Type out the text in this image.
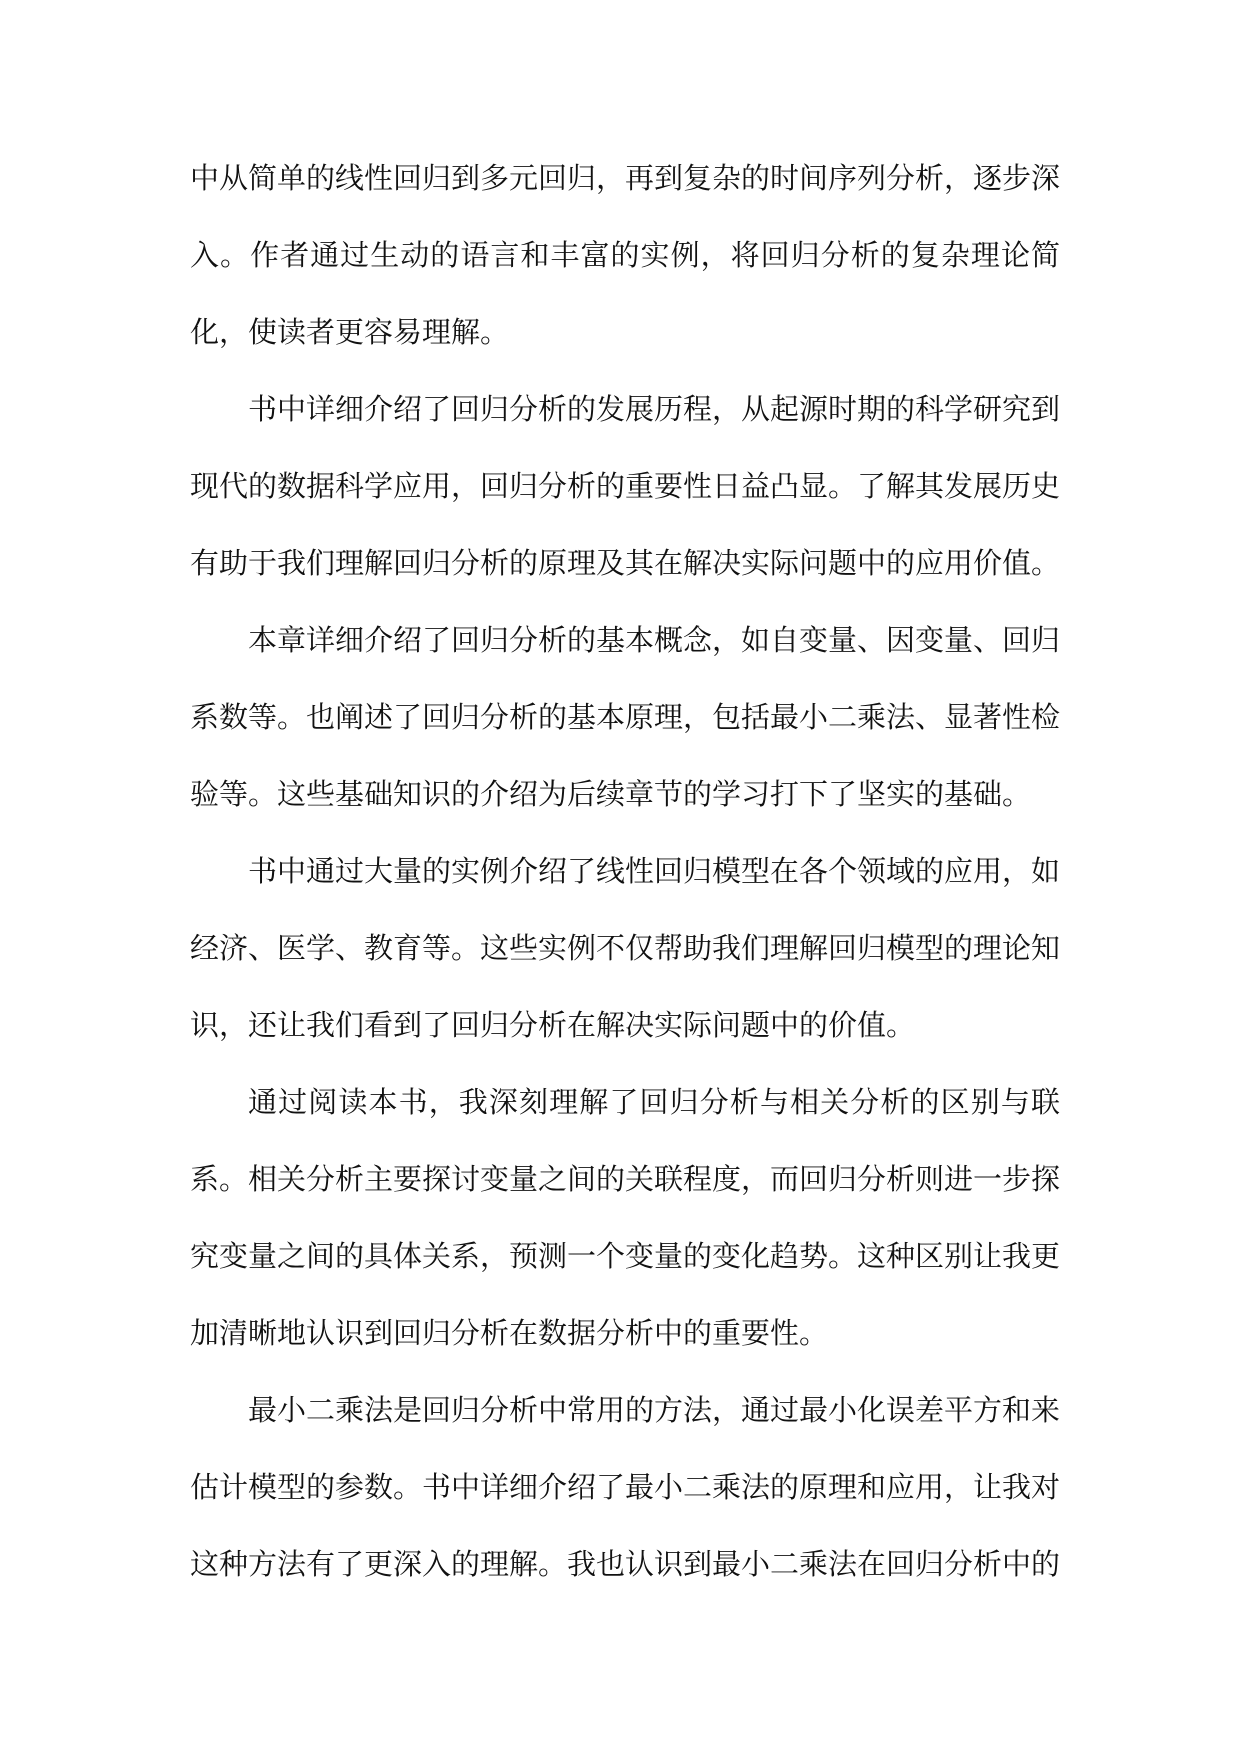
中从简单的线性回归到多元回归，再到复杂的时间序列分析，逐步深入。作者通过生动的语言和丰富的实例，将回归分析的复杂理论简化，使读者更容易理解。

书中详细介绍了回归分析的发展历程，从起源时期的科学研究到现代的数据科学应用，回归分析的重要性日益凸显。了解其发展历史有助于我们理解回归分析的原理及其在解决实际问题中的应用价值。

本章详细介绍了回归分析的基本概念，如自变量、因变量、回归系数等。也阐述了回归分析的基本原理，包括最小二乘法、显著性检验等。这些基础知识的介绍为后续章节的学习打下了坚实的基础。

书中通过大量的实例介绍了线性回归模型在各个领域的应用，如经济、医学、教育等。这些实例不仅帮助我们理解回归模型的理论知识，还让我们看到了回归分析在解决实际问题中的价值。

通过阅读本书，我深刻理解了回归分析与相关分析的区别与联系。相关分析主要探讨变量之间的关联程度，而回归分析则进一步探究变量之间的具体关系，预测一个变量的变化趋势。这种区别让我更加清晰地认识到回归分析在数据分析中的重要性。

最小二乘法是回归分析中常用的方法，通过最小化误差平方和来估计模型的参数。书中详细介绍了最小二乘法的原理和应用，让我对这种方法有了更深入的理解。我也认识到最小二乘法在回归分析中的
